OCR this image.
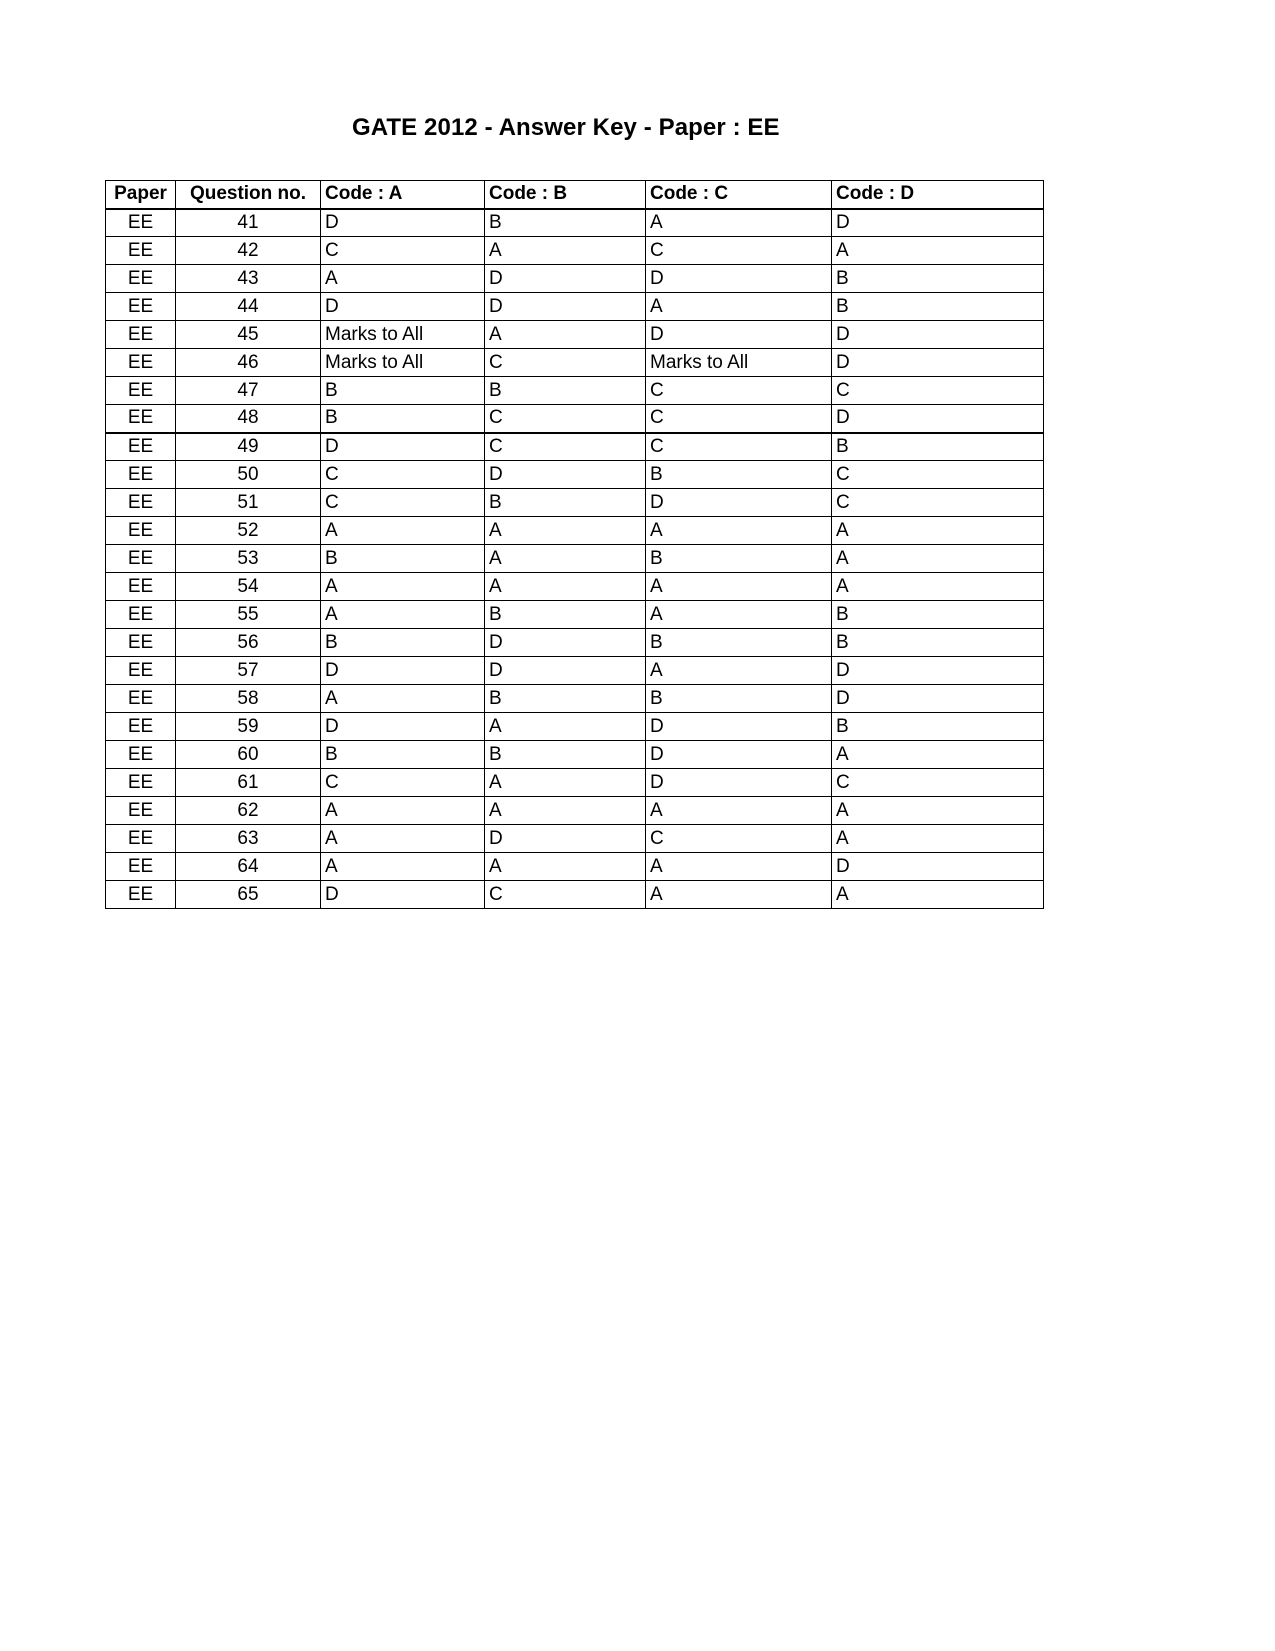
GATE 2012 - Answer Key - Paper : EE
Paper	Question no.	Code : A	Code : B	Code : C	Code : D
EE	41	D	B	A	D
EE	42	C	A	C	A
EE	43	A	D	D	B
EE	44	D	D	A	B
EE	45	Marks to All	A	D	D
EE	46	Marks to All	C	Marks to All	D
EE	47	B	B	C	C
EE	48	B	C	C	D
EE	49	D	C	C	B
EE	50	C	D	B	C
EE	51	C	B	D	C
EE	52	A	A	A	A
EE	53	B	A	B	A
EE	54	A	A	A	A
EE	55	A	B	A	B
EE	56	B	D	B	B
EE	57	D	D	A	D
EE	58	A	B	B	D
EE	59	D	A	D	B
EE	60	B	B	D	A
EE	61	C	A	D	C
EE	62	A	A	A	A
EE	63	A	D	C	A
EE	64	A	A	A	D
EE	65	D	C	A	A
